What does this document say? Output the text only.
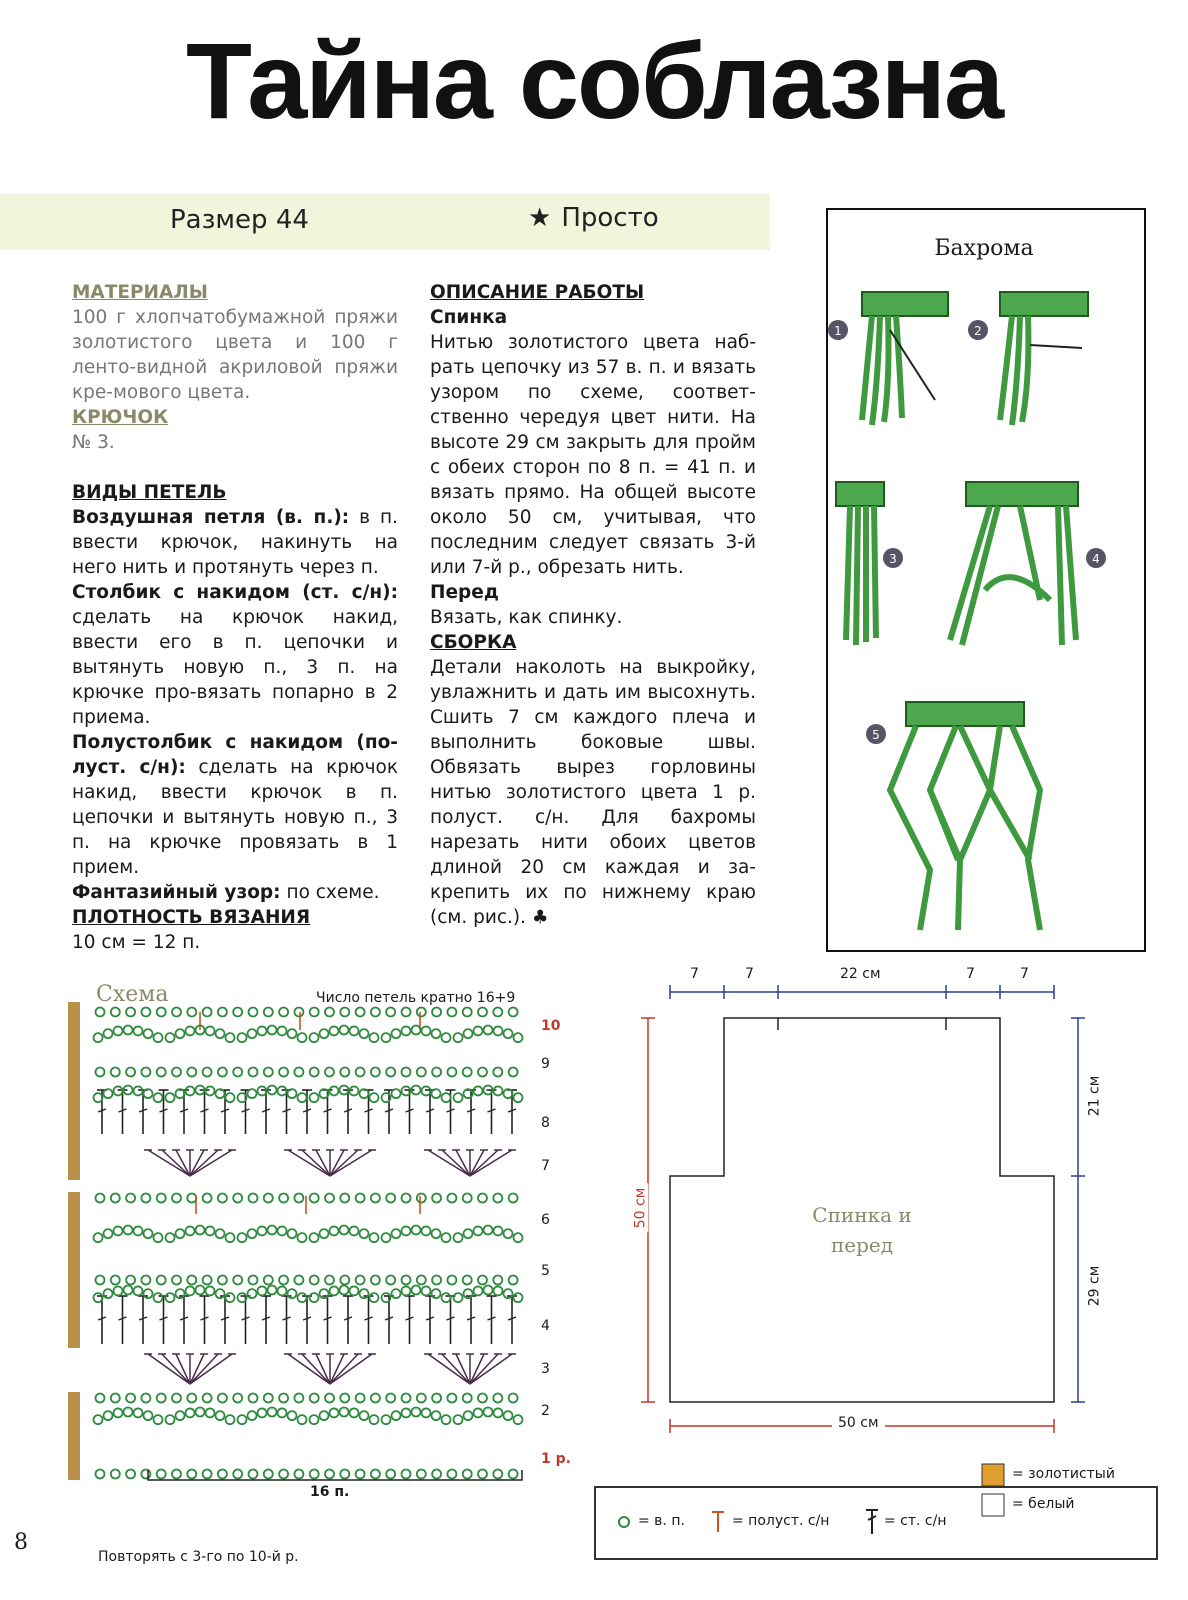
Тайна соблазна
Размер 44	★ Просто

МАТЕРИАЛЫ

100 г хлопчатобумажной пряжи золотистого цвета и 100 г ленто-видной акриловой пряжи кре-мового цвета.

КРЮЧОК

№ 3.

ВИДЫ ПЕТЕЛЬ

Воздушная петля (в. п.): в п. ввести крючок, накинуть на него нить и протянуть через п.

Столбик с накидом (ст. с/н): сделать на крючок накид, ввести его в п. цепочки и вытянуть новую п., 3 п. на крючке про-вязать попарно в 2 приема.

Полустолбик с накидом (по-луст. с/н): сделать на крючок накид, ввести крючок в п. цепочки и вытянуть новую п., 3 п. на крючке провязать в 1 прием.

Фантазийный узор: по схеме.

ПЛОТНОСТЬ ВЯЗАНИЯ

10 см = 12 п.

ОПИСАНИЕ РАБОТЫ

Спинка

Нитью золотистого цвета наб-рать цепочку из 57 в. п. и вязать узором по схеме, соответ-ственно чередуя цвет нити. На высоте 29 см закрыть для пройм с обеих сторон по 8 п. = 41 п. и вязать прямо. На общей высоте около 50 см, учитывая, что последним следует связать 3-й или 7-й р., обрезать нить.

Перед

Вязать, как спинку.

СБОРКА

Детали наколоть на выкройку, увлажнить и дать им высохнуть. Сшить 7 см каждого плеча и выполнить боковые швы. Обвязать вырез горловины нитью золотистого цвета 1 р. полуст. с/н. Для бахромы нарезать нити обоих цветов длиной 20 см каждая и за-крепить их по нижнему краю (см. рис.). ♣

Бахрома
1	2
3	4
5
Схема	Число петель кратно 16+9
10
9
8
7
6
5
4
3
2
1 р.
16 п.
Повторять с 3-го по 10-й р.
8
7	7	22 см	7	7
50 см
21 см
29 см
50 см
Спинка и перед
= в. п.	= полуст. с/н	= ст. с/н
= золотистый
= белый
